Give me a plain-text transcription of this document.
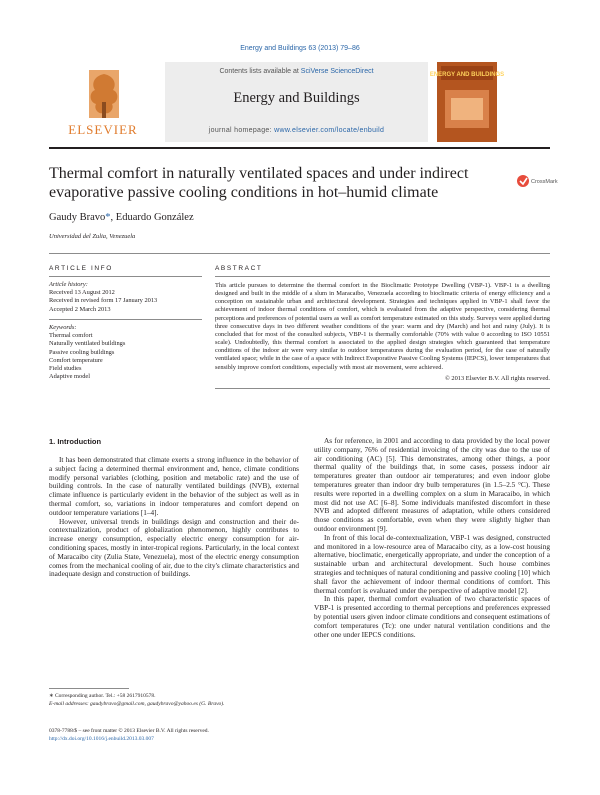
Energy and Buildings 63 (2013) 79–86
ELSEVIER
Contents lists available at SciVerse ScienceDirect
Energy and Buildings
journal homepage: www.elsevier.com/locate/enbuild
ENERGY AND BUILDINGS
Thermal comfort in naturally ventilated spaces and under indirect evaporative passive cooling conditions in hot–humid climate
CrossMark
Gaudy Bravo*, Eduardo González
Universidad del Zulia, Venezuela
ARTICLE INFO	ABSTRACT
Article history:
Received 13 August 2012
Received in revised form 17 January 2013
Accepted 2 March 2013
Keywords:
Thermal comfort
Naturally ventilated buildings
Passive cooling buildings
Comfort temperature
Field studies
Adaptive model
This article pursues to determine the thermal comfort in the Bioclimatic Prototype Dwelling (VBP-1). VBP-1 is a dwelling designed and built in the middle of a slum in Maracaibo, Venezuela according to bioclimatic criteria of energy efficiency and a conception on sustainable urban and architectural development. Strategies and techniques applied in VBP-1 shall favor the achievement of indoor thermal conditions of comfort, which is evaluated from the adaptive perspective, considering thermal perceptions and preferences of potential users as well as comfort temperature estimated on this study. Surveys were applied during three consecutive days in two different weather conditions of the year: warm and dry (March) and hot and rainy (July). It is concluded that for most of the consulted subjects, VBP-1 is thermally comfortable (70% with value 0 according to ISO 10551 scale). Undoubtedly, this thermal comfort is associated to the applied design strategies which guaranteed that temperature conditions of the indoor air were very similar to outdoor temperatures during the evaluation period, for the case of naturally ventilated space; while in the case of a space with Indirect Evaporative Passive Cooling Systems (IEPCS), lower temperatures that sensibly improve comfort conditions, especially with most air movement, were achieved.
© 2013 Elsevier B.V. All rights reserved.
1. Introduction

It has been demonstrated that climate exerts a strong influence in the behavior of a subject facing a determined thermal environment and, hence, climate conditions modify personal variables (clothing, position and metabolic rate) and the use of building controls. In the case of naturally ventilated buildings (NVB), external climate influence is particularly evident in the behavior of the subject as well as in thermal comfort, so, variations in indoor temperatures and comfort depend on outdoor temperature variations [1–4].

However, universal trends in buildings design and construction and their de-contextualization, product of globalization phenomenon, highly contributes to increase energy consumption, especially electric energy consumption for air-conditioning spaces, mostly in inter-tropical regions. Particularly, in the local context of Maracaibo city (Zulia State, Venezuela), most of the electric energy consumption comes from the mechanical cooling of air, due to the city's climate characteristics and inadequate design and construction of buildings.

As for reference, in 2001 and according to data provided by the local power utility company, 76% of residential invoicing of the city was due to the use of air conditioning (AC) [5]. This demonstrates, among other things, a poor thermal quality of the buildings that, in some cases, possess indoor air temperatures greater than outdoor air temperatures; and even indoor globe temperatures greater than indoor dry bulb temperatures (in 1.5–2.5 °C). These results were reported in a dwelling complex on a slum in Maracaibo, in which most did not use AC [6–8]. Some individuals manifested discomfort in these NVB and adopted different measures of adaptation, while others considered those conditions as comfortable, even when they were slightly higher than outdoor environment [9].

In front of this local de-contextualization, VBP-1 was designed, constructed and monitored in a low-resource area of Maracaibo city, as a low-cost housing alternative, bioclimatic, energetically appropriate, and under the conception of a sustainable urban and architectural development. Such house combines strategies and techniques of natural conditioning and passive cooling [10] which shall favor the achievement of indoor thermal conditions of comfort. This thermal comfort is evaluated under the perspective of adaptive model [2].

In this paper, thermal comfort evaluation of two characteristic spaces of VBP-1 is presented according to thermal perceptions and preferences expressed by potential users given indoor climate conditions and consequent estimations of comfort temperatures (Tc): one under natural ventilation conditions and the other one under IEPCS conditions.

∗ Corresponding author. Tel.: +58 2617910578.
E-mail addresses: gaudybravo@gmail.com, gaudybravo@yahoo.es (G. Bravo).
0378-7788/$ – see front matter © 2013 Elsevier B.V. All rights reserved.
http://dx.doi.org/10.1016/j.enbuild.2013.03.007
